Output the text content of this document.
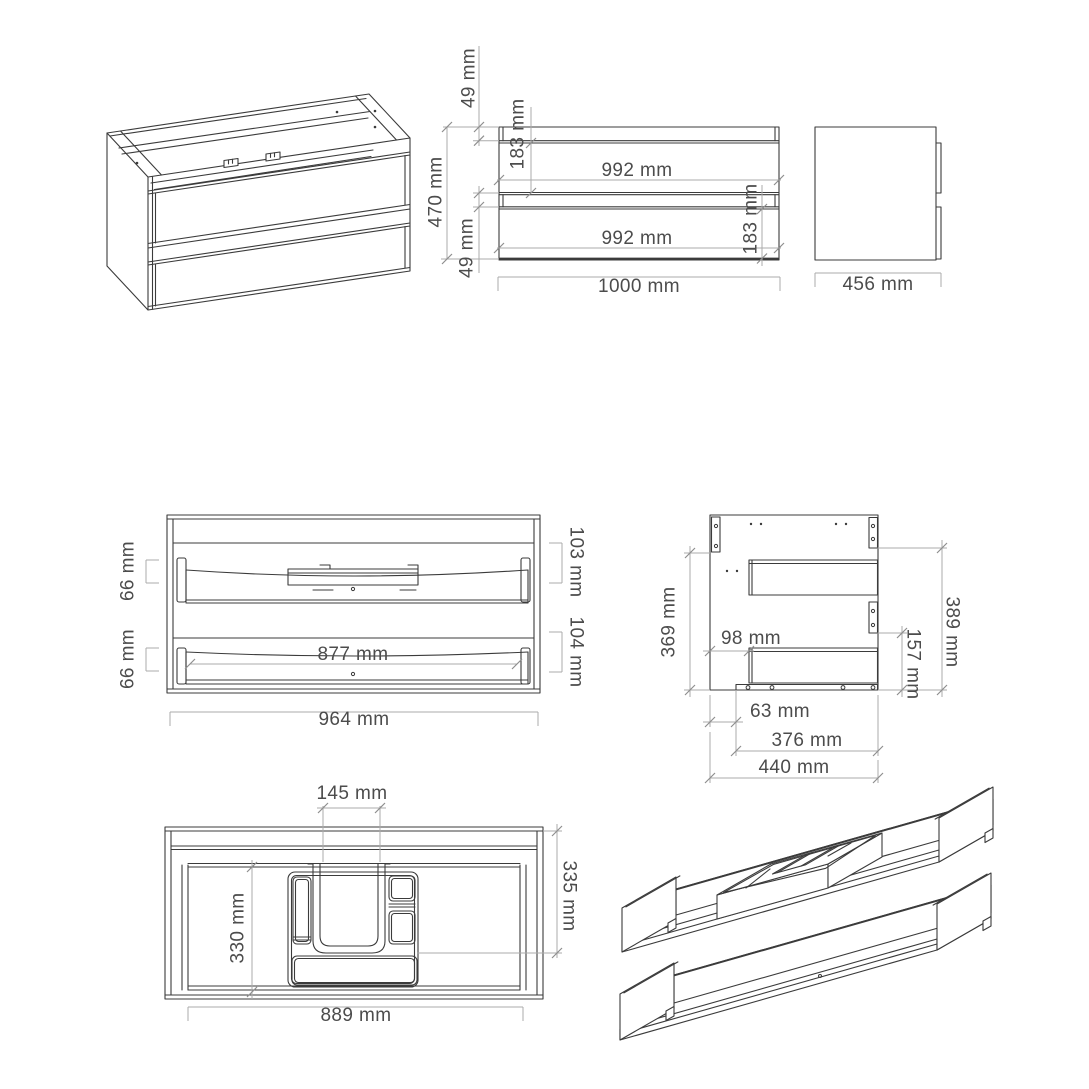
49 mm
470 mm
49 mm
183 mm
992 mm
992 mm	183 mm
1000 mm	456 mm
66 mm
66 mm
103 mm
104 mm
877 mm
964 mm
369 mm 98 mm	389 mm
157 mm
63 mm
376 mm
440 mm
145 mm
330 mm	335 mm
889 mm
